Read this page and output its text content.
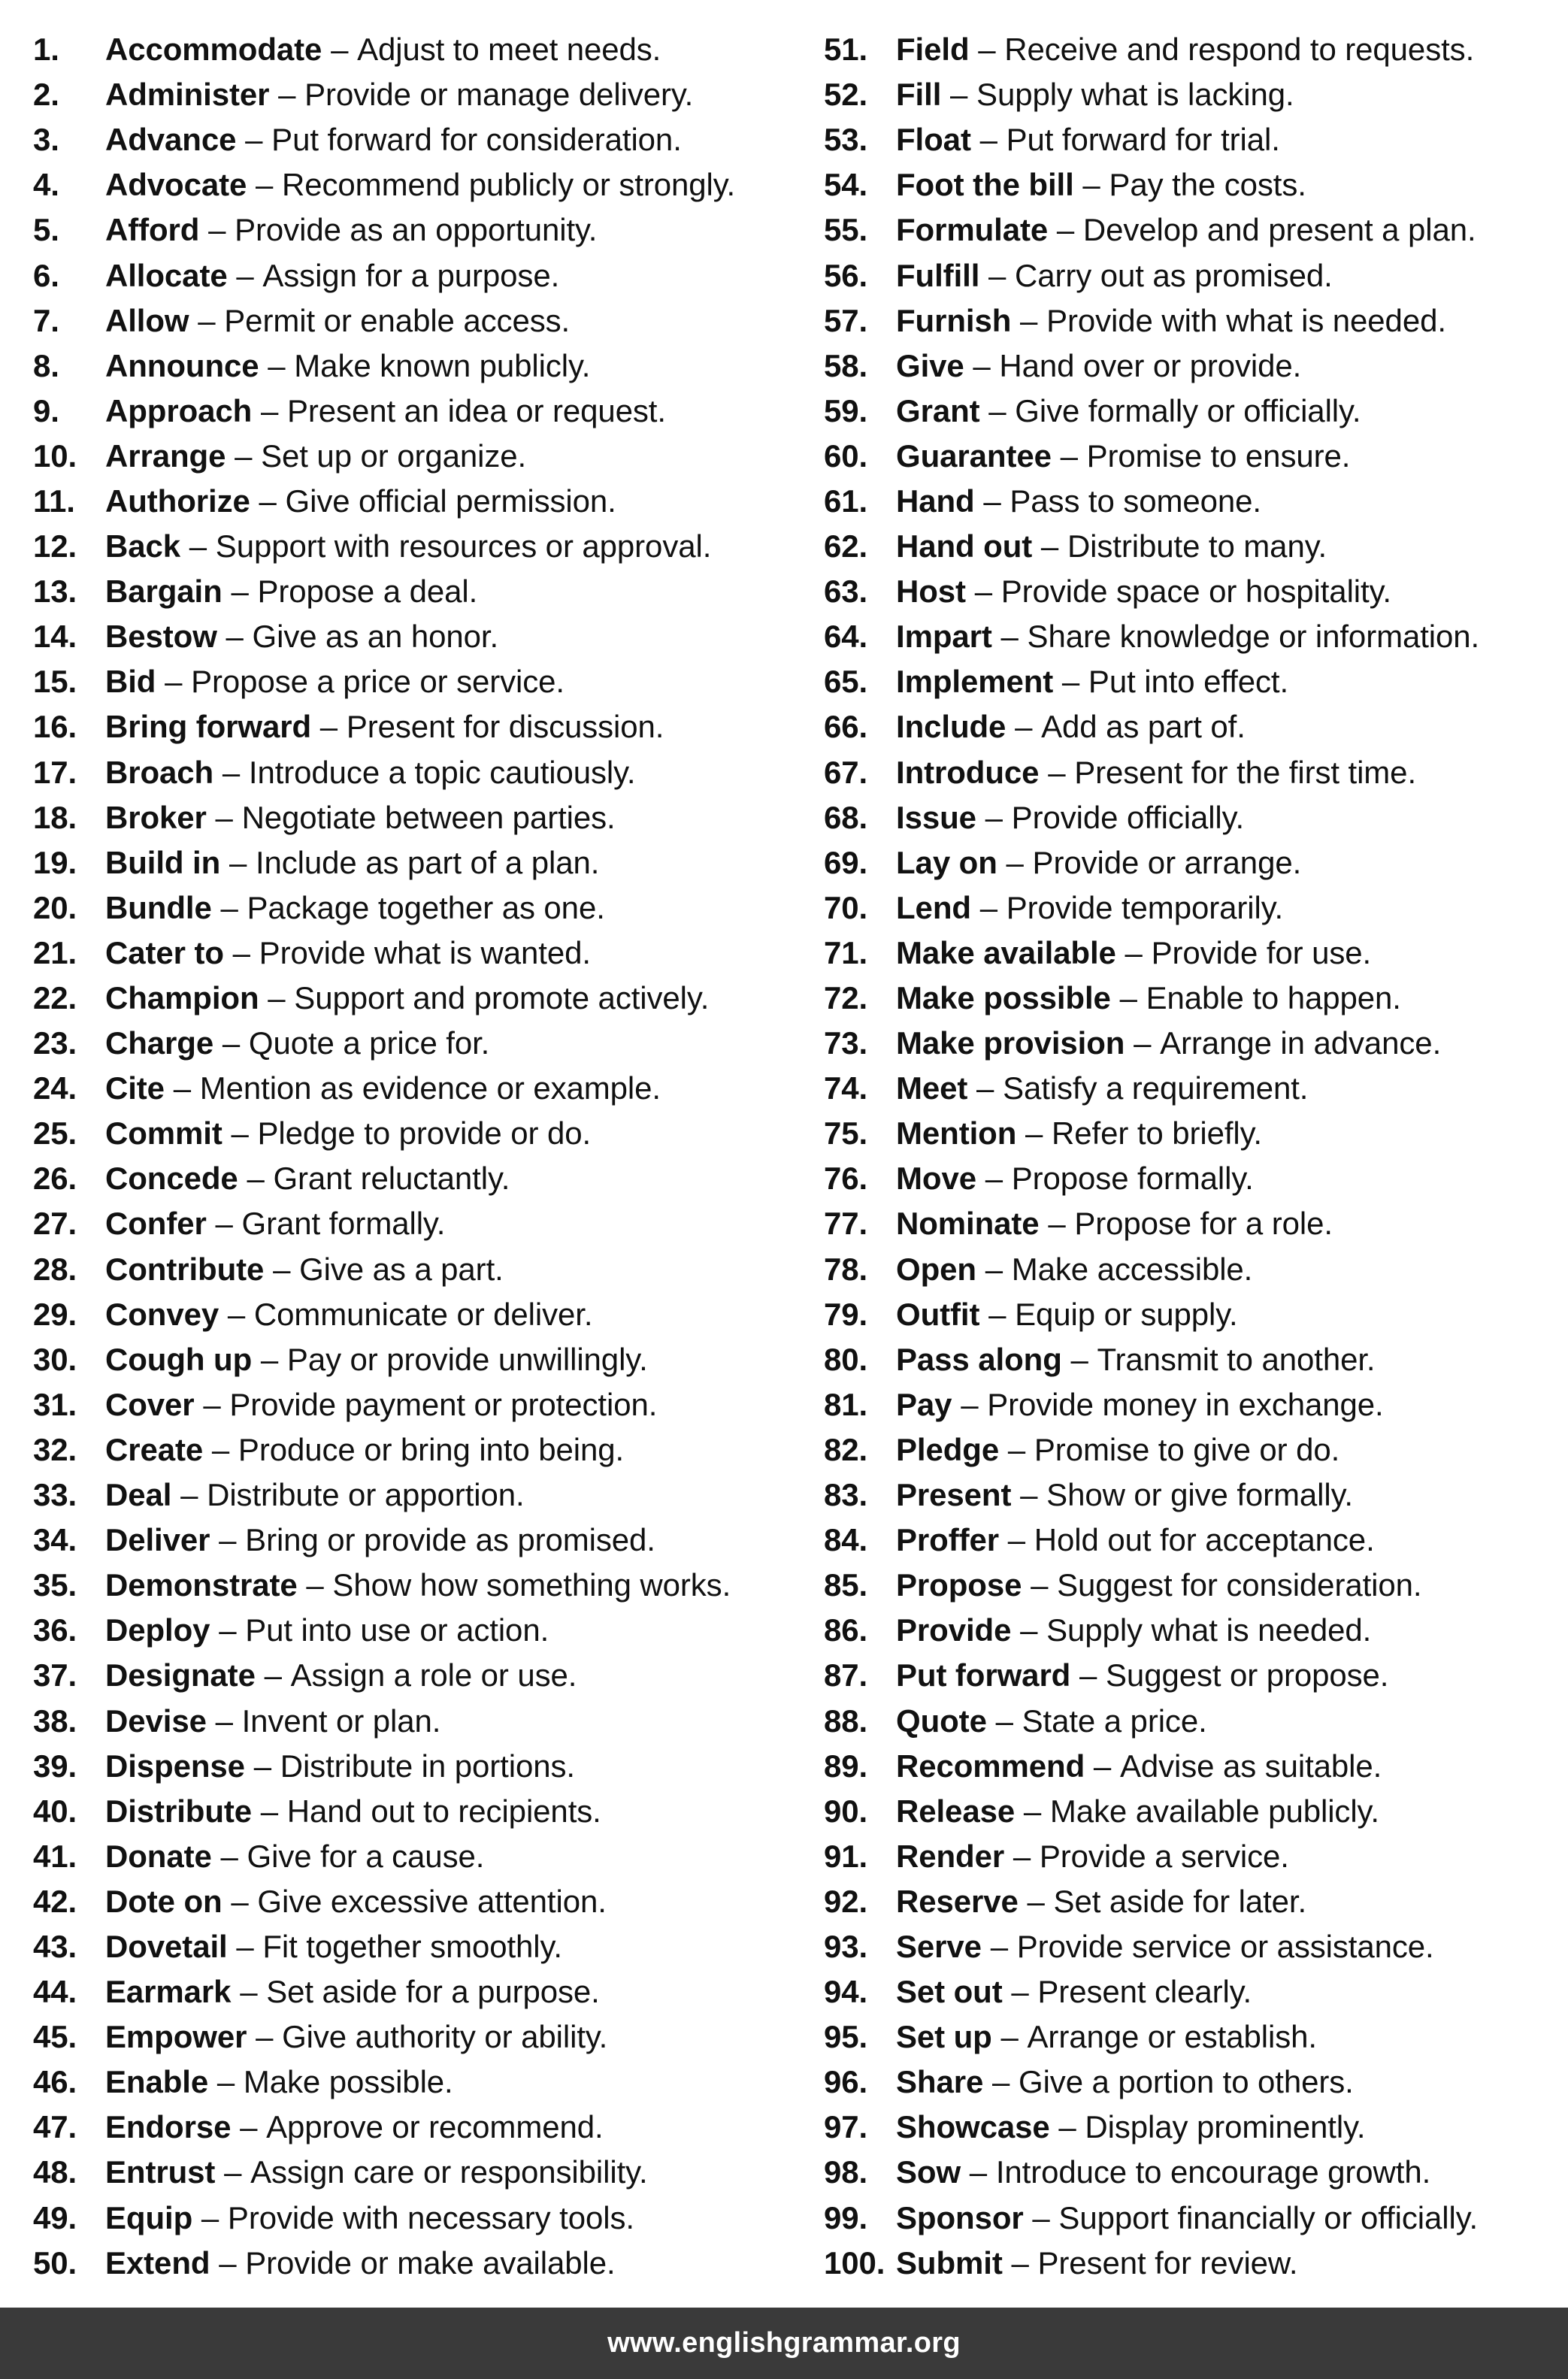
1.	Accommodate – Adjust to meet needs.
2.	Administer – Provide or manage delivery.
3.	Advance – Put forward for consideration.
4.	Advocate – Recommend publicly or strongly.
5.	Afford – Provide as an opportunity.
6.	Allocate – Assign for a purpose.
7.	Allow – Permit or enable access.
8.	Announce – Make known publicly.
9.	Approach – Present an idea or request.
10. Arrange – Set up or organize.
11. Authorize – Give official permission.
12. Back – Support with resources or approval.
13. Bargain – Propose a deal.
14. Bestow – Give as an honor.
15. Bid – Propose a price or service.
16. Bring forward – Present for discussion.
17. Broach – Introduce a topic cautiously.
18. Broker – Negotiate between parties.
19. Build in – Include as part of a plan.
20. Bundle – Package together as one.
21. Cater to – Provide what is wanted.
22. Champion – Support and promote actively.
23. Charge – Quote a price for.
24. Cite – Mention as evidence or example.
25. Commit – Pledge to provide or do.
26. Concede – Grant reluctantly.
27. Confer – Grant formally.
28. Contribute – Give as a part.
29. Convey – Communicate or deliver.
30. Cough up – Pay or provide unwillingly.
31. Cover – Provide payment or protection.
32. Create – Produce or bring into being.
33. Deal – Distribute or apportion.
34. Deliver – Bring or provide as promised.
35. Demonstrate – Show how something works.
36. Deploy – Put into use or action.
37. Designate – Assign a role or use.
38. Devise – Invent or plan.
39. Dispense – Distribute in portions.
40. Distribute – Hand out to recipients.
41. Donate – Give for a cause.
42. Dote on – Give excessive attention.
43. Dovetail – Fit together smoothly.
44. Earmark – Set aside for a purpose.
45. Empower – Give authority or ability.
46. Enable – Make possible.
47. Endorse – Approve or recommend.
48. Entrust – Assign care or responsibility.
49. Equip – Provide with necessary tools.
50. Extend – Provide or make available.
51. Field – Receive and respond to requests.
52. Fill – Supply what is lacking.
53. Float – Put forward for trial.
54. Foot the bill – Pay the costs.
55. Formulate – Develop and present a plan.
56. Fulfill – Carry out as promised.
57. Furnish – Provide with what is needed.
58. Give – Hand over or provide.
59. Grant – Give formally or officially.
60. Guarantee – Promise to ensure.
61. Hand – Pass to someone.
62. Hand out – Distribute to many.
63. Host – Provide space or hospitality.
64. Impart – Share knowledge or information.
65. Implement – Put into effect.
66. Include – Add as part of.
67. Introduce – Present for the first time.
68. Issue – Provide officially.
69. Lay on – Provide or arrange.
70. Lend – Provide temporarily.
71. Make available – Provide for use.
72. Make possible – Enable to happen.
73. Make provision – Arrange in advance.
74. Meet – Satisfy a requirement.
75. Mention – Refer to briefly.
76. Move – Propose formally.
77. Nominate – Propose for a role.
78. Open – Make accessible.
79. Outfit – Equip or supply.
80. Pass along – Transmit to another.
81. Pay – Provide money in exchange.
82. Pledge – Promise to give or do.
83. Present – Show or give formally.
84. Proffer – Hold out for acceptance.
85. Propose – Suggest for consideration.
86. Provide – Supply what is needed.
87. Put forward – Suggest or propose.
88. Quote – State a price.
89. Recommend – Advise as suitable.
90. Release – Make available publicly.
91. Render – Provide a service.
92. Reserve – Set aside for later.
93. Serve – Provide service or assistance.
94. Set out – Present clearly.
95. Set up – Arrange or establish.
96. Share – Give a portion to others.
97. Showcase – Display prominently.
98. Sow – Introduce to encourage growth.
99. Sponsor – Support financially or officially.
100. Submit – Present for review.
www.englishgrammar.org
